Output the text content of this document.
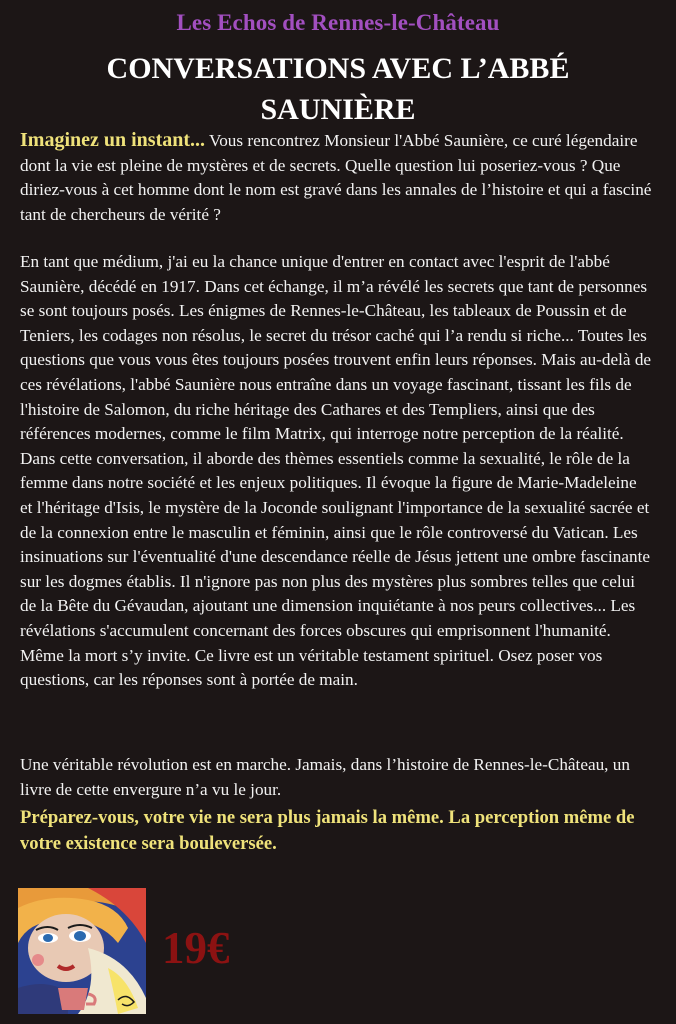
Les Echos de Rennes-le-Château
CONVERSATIONS AVEC L’ABBÉ SAUNIÈRE
Imaginez un instant... Vous rencontrez Monsieur l'Abbé Saunière, ce curé légendaire dont la vie est pleine de mystères et de secrets. Quelle question lui poseriez-vous ? Que diriez-vous à cet homme dont le nom est gravé dans les annales de l’histoire et qui a fasciné tant de chercheurs de vérité ?
En tant que médium, j'ai eu la chance unique d'entrer en contact avec l'esprit de l'abbé Saunière, décédé en 1917. Dans cet échange, il m’a révélé les secrets que tant de personnes se sont toujours posés. Les énigmes de Rennes-le-Château, les tableaux de Poussin et de Teniers, les codages non résolus, le secret du trésor caché qui l’a rendu si riche... Toutes les questions que vous vous êtes toujours posées trouvent enfin leurs réponses. Mais au-delà de ces révélations, l'abbé Saunière nous entraîne dans un voyage fascinant, tissant les fils de l'histoire de Salomon, du riche héritage des Cathares et des Templiers, ainsi que des références modernes, comme le film Matrix, qui interroge notre perception de la réalité. Dans cette conversation, il aborde des thèmes essentiels comme la sexualité, le rôle de la femme dans notre société et les enjeux politiques. Il évoque la figure de Marie-Madeleine et l'héritage d'Isis, le mystère de la Joconde soulignant l'importance de la sexualité sacrée et de la connexion entre le masculin et féminin, ainsi que le rôle controversé du Vatican. Les insinuations sur l'éventualité d'une descendance réelle de Jésus jettent une ombre fascinante sur les dogmes établis. Il n'ignore pas non plus des mystères plus sombres telles que celui de la Bête du Gévaudan, ajoutant une dimension inquiétante à nos peurs collectives... Les révélations s'accumulent concernant des forces obscures qui emprisonnent l'humanité. Même la mort s’y invite. Ce livre est un véritable testament spirituel. Osez poser vos questions, car les réponses sont à portée de main.
Une véritable révolution est en marche. Jamais, dans l’histoire de Rennes-le-Château, un livre de cette envergure n’a vu le jour.
Préparez-vous, votre vie ne sera plus jamais la même. La perception même de votre existence sera bouleversée.
19€
